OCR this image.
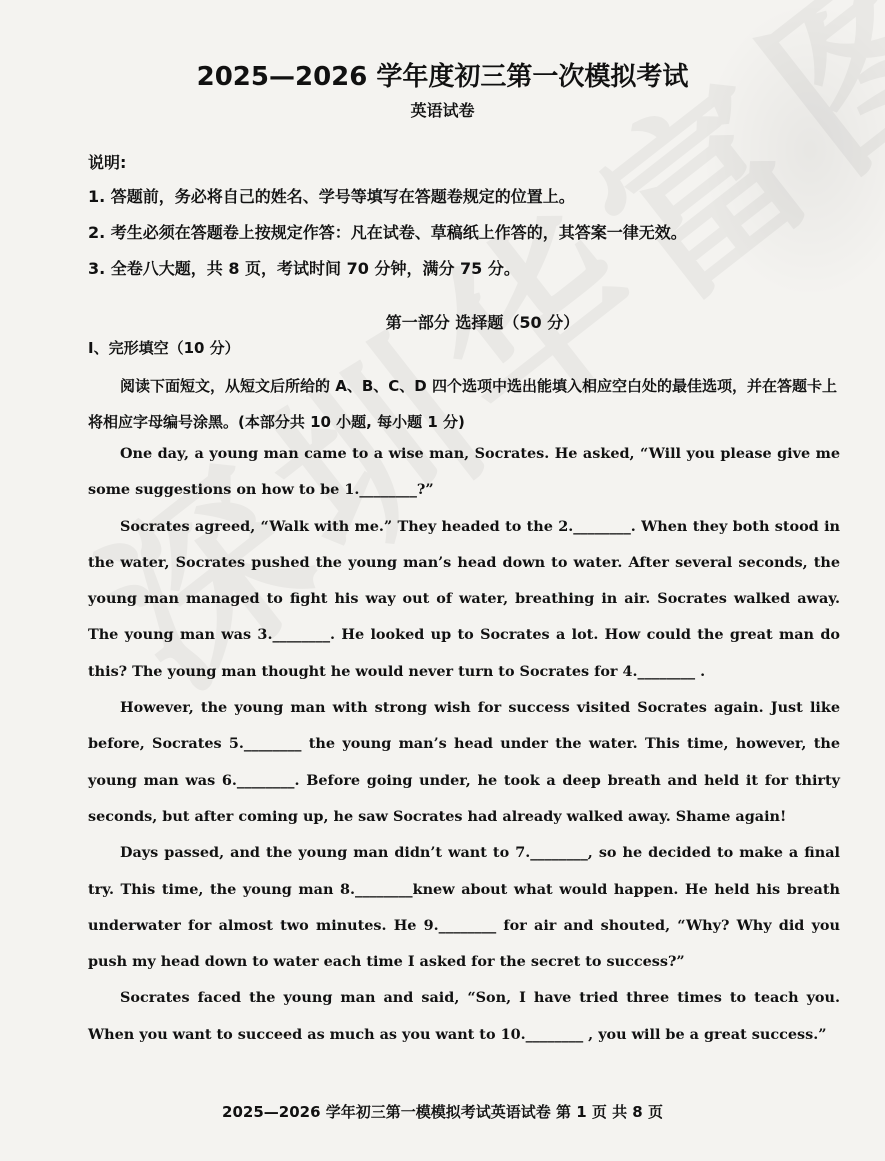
2025—2026 学年度初三第一次模拟考试
英语试卷
说明:
1. 答题前，务必将自己的姓名、学号等填写在答题卷规定的位置上。
2. 考生必须在答题卷上按规定作答：凡在试卷、草稿纸上作答的，其答案一律无效。
3. 全卷八大题，共 8 页，考试时间 70 分钟，满分 75 分。
第一部分 选择题（50 分）
Ⅰ、完形填空（10 分）
阅读下面短文，从短文后所给的 A、B、C、D 四个选项中选出能填入相应空白处的最佳选项，并在答题卡上将相应字母编号涂黑。(本部分共 10 小题, 每小题 1 分)

One day, a young man came to a wise man, Socrates. He asked, “Will you please give me some suggestions on how to be 1.________?”

Socrates agreed, “Walk with me.” They headed to the 2.________. When they both stood in the water, Socrates pushed the young man’s head down to water. After several seconds, the young man managed to fight his way out of water, breathing in air. Socrates walked away. The young man was 3.________. He looked up to Socrates a lot. How could the great man do this? The young man thought he would never turn to Socrates for 4.________ .

However, the young man with strong wish for success visited Socrates again. Just like before, Socrates 5.________ the young man’s head under the water. This time, however, the young man was 6.________. Before going under, he took a deep breath and held it for thirty seconds, but after coming up, he saw Socrates had already walked away. Shame again!

Days passed, and the young man didn’t want to 7.________, so he decided to make a final try. This time, the young man 8.________knew about what would happen. He held his breath underwater for almost two minutes. He 9.________ for air and shouted, “Why? Why did you push my head down to water each time I asked for the secret to success?”

Socrates faced the young man and said, “Son, I have tried three times to teach you. When you want to succeed as much as you want to 10.________ , you will be a great success.”

2025—2026 学年初三第一模模拟考试英语试卷 第 1 页 共 8 页
